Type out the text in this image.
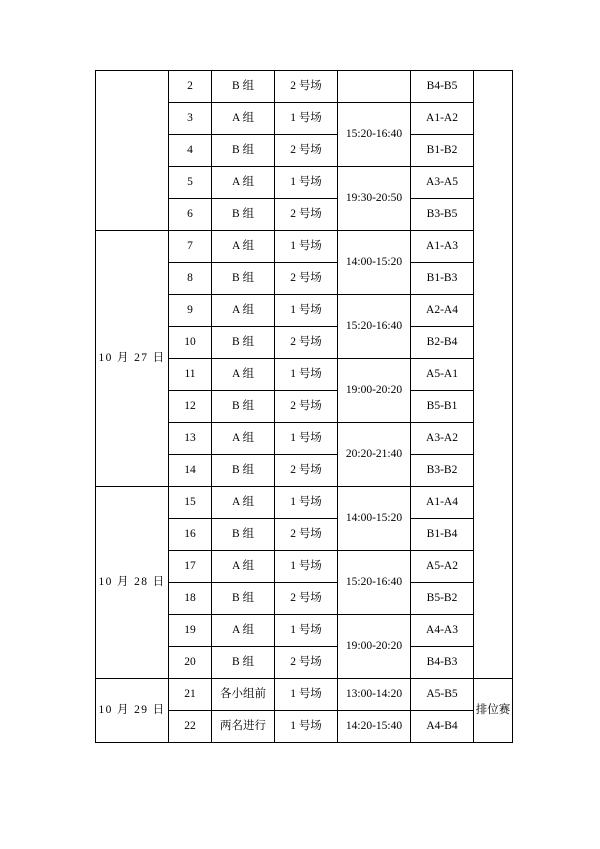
	2	B 组	2 号场		B4-B5	

	3	A 组	1 号场	15:20-16:40	A1-A2	

	4	B 组	2 号场		B1-B2	

	5	A 组	1 号场	19:30-20:50	A3-A5	

	6	B 组	2 号场		B3-B5	

10 月 27 日	7	A 组	1 号场	14:00-15:20	A1-A3	

	8	B 组	2 号场		B1-B3	

	9	A 组	1 号场	15:20-16:40	A2-A4	

	10	B 组	2 号场		B2-B4	

	11	A 组	1 号场	19:00-20:20	A5-A1	

	12	B 组	2 号场		B5-B1	

	13	A 组	1 号场	20:20-21:40	A3-A2	

	14	B 组	2 号场		B3-B2	

10 月 28 日	15	A 组	1 号场	14:00-15:20	A1-A4	

	16	B 组	2 号场		B1-B4	

	17	A 组	1 号场	15:20-16:40	A5-A2	

	18	B 组	2 号场		B5-B2	

	19	A 组	1 号场	19:00-20:20	A4-A3	

	20	B 组	2 号场		B4-B3	

10 月 29 日	21	各小组前	1 号场	13:00-14:20	A5-B5	排位赛

	22	两名进行	1 号场	14:20-15:40	A4-B4	
